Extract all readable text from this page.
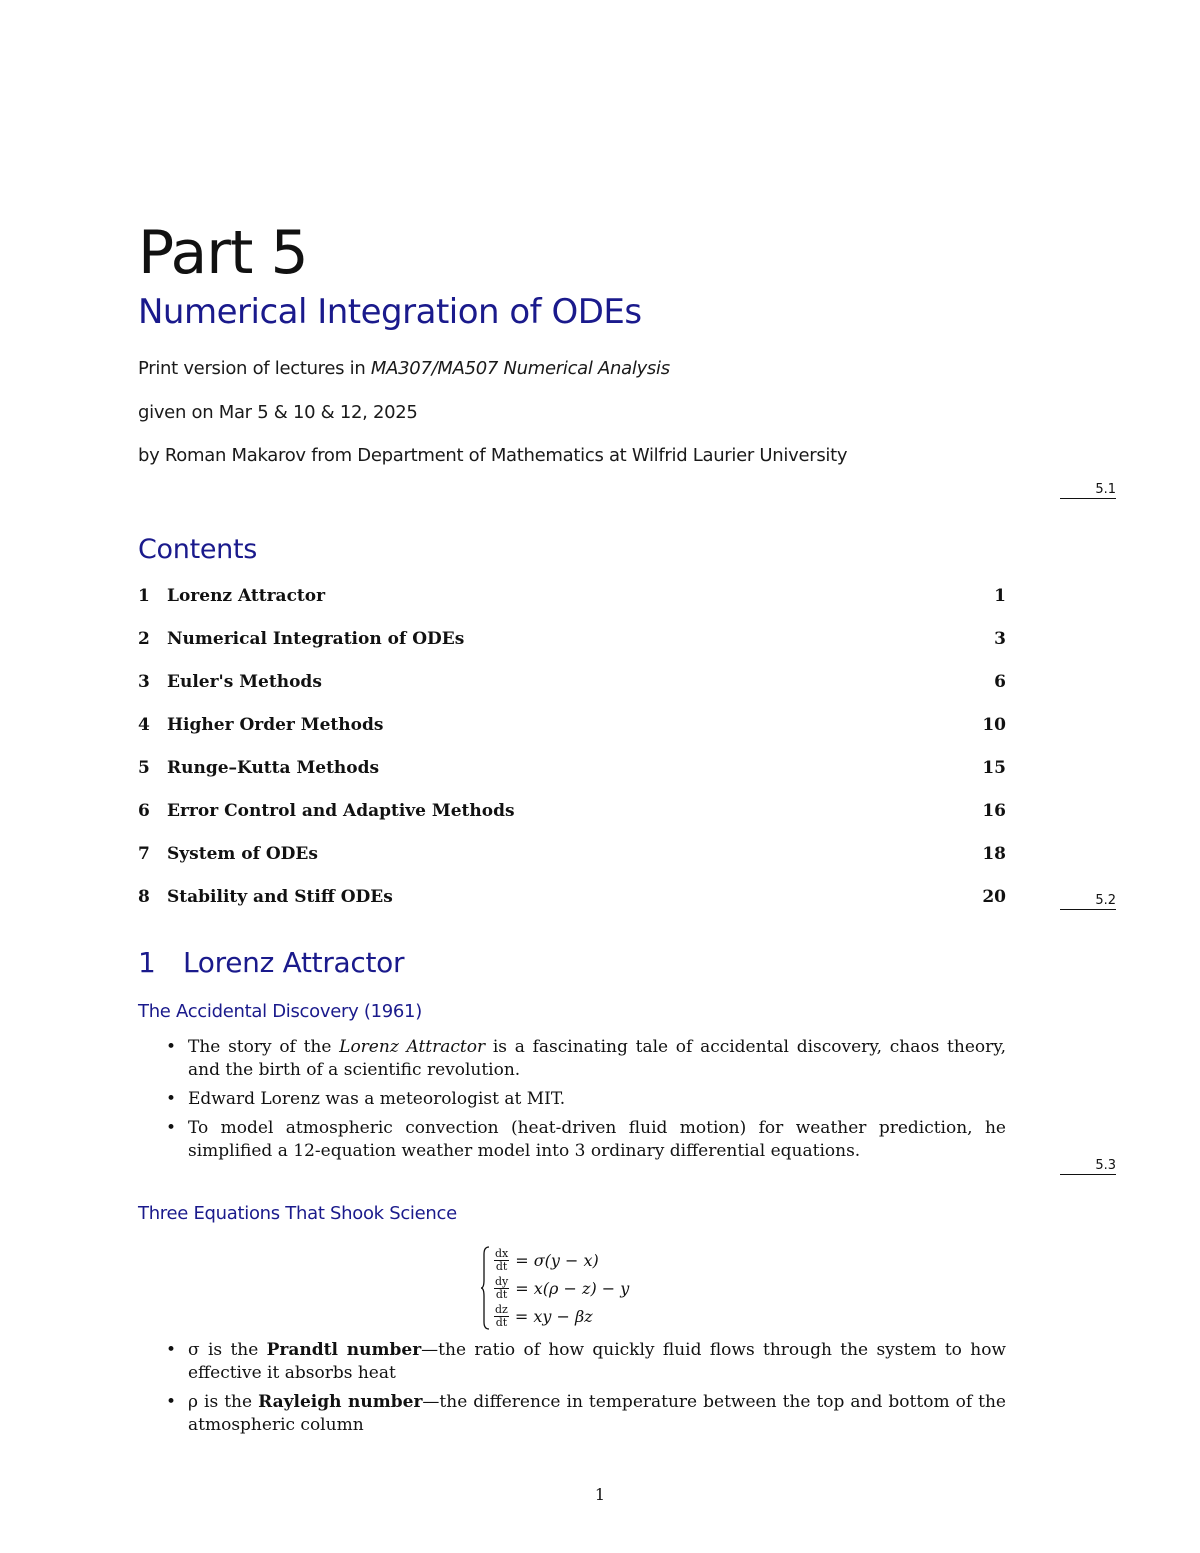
Part 5
Numerical Integration of ODEs
Print version of lectures in MA307/MA507 Numerical Analysis
given on Mar 5 & 10 & 12, 2025
by Roman Makarov from Department of Mathematics at Wilfrid Laurier University
5.1
Contents
1	Lorenz Attractor	1
2	Numerical Integration of ODEs	3
3	Euler's Methods	6
4	Higher Order Methods	10
5	Runge–Kutta Methods	15
6	Error Control and Adaptive Methods	16
7	System of ODEs	18
8	Stability and Stiff ODEs	20	5.2
1 Lorenz Attractor
The Accidental Discovery (1961)
• The story of the Lorenz Attractor is a fascinating tale of accidental discovery, chaos theory, and the birth of a scientific revolution.
• Edward Lorenz was a meteorologist at MIT.
• To model atmospheric convection (heat-driven fluid motion) for weather prediction, he simplified a 12-equation weather model into 3 ordinary differential equations.
5.3
Three Equations That Shook Science
$\frac{dx}{dt} = \sigma(y - x)$
$\frac{dy}{dt} = x(\rho - z) - y$
$\frac{dz}{dt}$ = xy − βz
• σ is the Prandtl number—the ratio of how quickly fluid flows through the system to how effective it absorbs heat
• ρ is the Rayleigh number—the difference in temperature between the top and bottom of the atmospheric column
1
